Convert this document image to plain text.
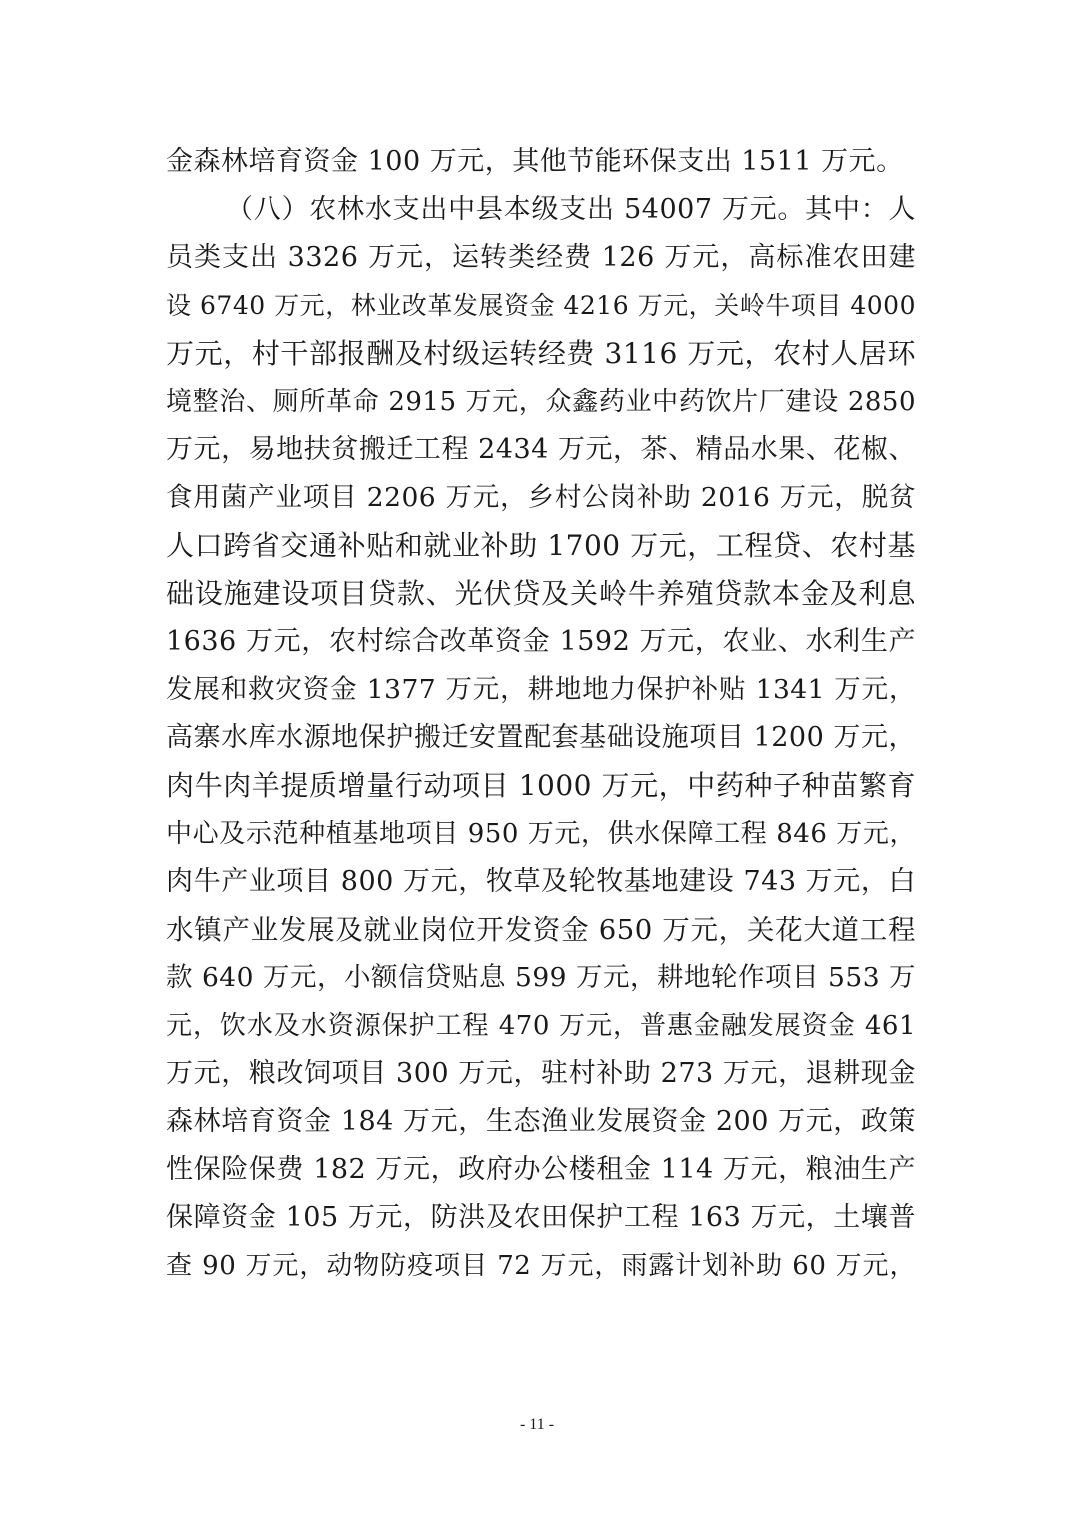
金森林培育资金 100 万元，其他节能环保支出 1511 万元。
（八）农林水支出中县本级支出 54007 万元。其中：人
员类支出 3326 万元，运转类经费 126 万元，高标准农田建
设 6740 万元，林业改革发展资金 4216 万元，关岭牛项目 4000
万元，村干部报酬及村级运转经费 3116 万元，农村人居环
境整治、厕所革命 2915 万元，众鑫药业中药饮片厂建设 2850
万元，易地扶贫搬迁工程 2434 万元，茶、精品水果、花椒、
食用菌产业项目 2206 万元，乡村公岗补助 2016 万元，脱贫
人口跨省交通补贴和就业补助 1700 万元，工程贷、农村基
础设施建设项目贷款、光伏贷及关岭牛养殖贷款本金及利息
1636 万元，农村综合改革资金 1592 万元，农业、水利生产
发展和救灾资金 1377 万元，耕地地力保护补贴 1341 万元，
高寨水库水源地保护搬迁安置配套基础设施项目 1200 万元，
肉牛肉羊提质增量行动项目 1000 万元，中药种子种苗繁育
中心及示范种植基地项目 950 万元，供水保障工程 846 万元，
肉牛产业项目 800 万元，牧草及轮牧基地建设 743 万元，白
水镇产业发展及就业岗位开发资金 650 万元，关花大道工程
款 640 万元，小额信贷贴息 599 万元，耕地轮作项目 553 万
元，饮水及水资源保护工程 470 万元，普惠金融发展资金 461
万元，粮改饲项目 300 万元，驻村补助 273 万元，退耕现金
森林培育资金 184 万元，生态渔业发展资金 200 万元，政策
性保险保费 182 万元，政府办公楼租金 114 万元，粮油生产
保障资金 105 万元，防洪及农田保护工程 163 万元，土壤普
查 90 万元，动物防疫项目 72 万元，雨露计划补助 60 万元，
- 11 -
